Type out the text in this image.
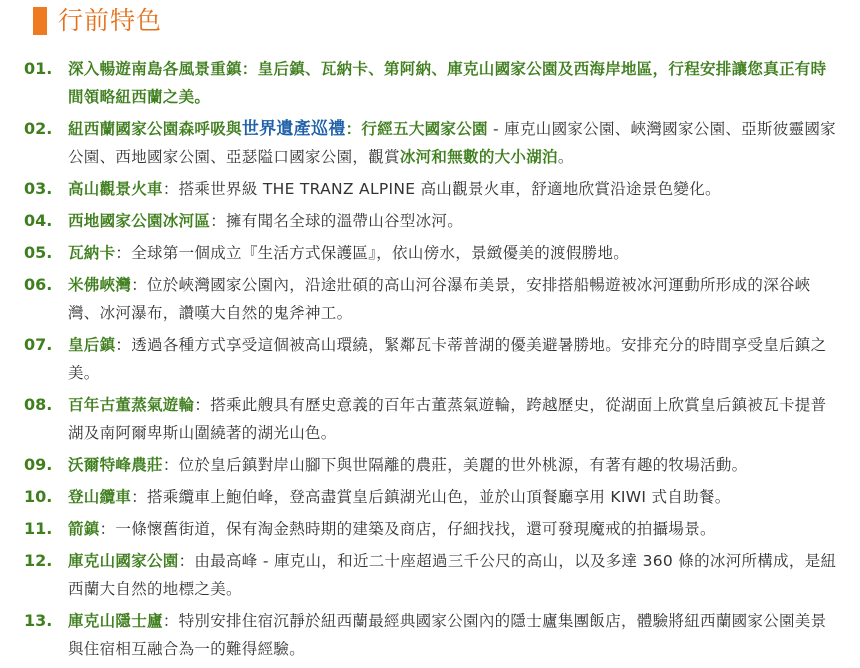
行前特色
01. 深入暢遊南島各風景重鎮：皇后鎮、瓦納卡、第阿納、庫克山國家公園及西海岸地區，行程安排讓您真正有時間領略紐西蘭之美。
02. 紐西蘭國家公園森呼吸與世界遺產巡禮：行經五大國家公園 - 庫克山國家公園、峽灣國家公園、亞斯彼靈國家公園、西地國家公園、亞瑟隘口國家公園，觀賞冰河和無數的大小湖泊。
03. 高山觀景火車：搭乘世界級 THE TRANZ ALPINE 高山觀景火車，舒適地欣賞沿途景色變化。
04. 西地國家公園冰河區：擁有聞名全球的溫帶山谷型冰河。
05. 瓦納卡：全球第一個成立『生活方式保護區』，依山傍水，景緻優美的渡假勝地。
06. 米佛峽灣：位於峽灣國家公園內，沿途壯碩的高山河谷瀑布美景，安排搭船暢遊被冰河運動所形成的深谷峽灣、冰河瀑布，讚嘆大自然的鬼斧神工。
07. 皇后鎮：透過各種方式享受這個被高山環繞，緊鄰瓦卡蒂普湖的優美避暑勝地。安排充分的時間享受皇后鎮之美。
08. 百年古董蒸氣遊輪：搭乘此艘具有歷史意義的百年古董蒸氣遊輪，跨越歷史，從湖面上欣賞皇后鎮被瓦卡提普湖及南阿爾卑斯山圍繞著的湖光山色。
09. 沃爾特峰農莊：位於皇后鎮對岸山腳下與世隔離的農莊，美麗的世外桃源，有著有趣的牧場活動。
10. 登山纜車：搭乘纜車上鮑伯峰，登高盡賞皇后鎮湖光山色，並於山頂餐廳享用 KIWI 式自助餐。
11. 箭鎮：一條懷舊街道，保有淘金熱時期的建築及商店，仔細找找，還可發現魔戒的拍攝場景。
12. 庫克山國家公園：由最高峰 - 庫克山，和近二十座超過三千公尺的高山，以及多達 360 條的冰河所構成，是紐西蘭大自然的地標之美。
13. 庫克山隱士廬：特別安排住宿沉靜於紐西蘭最經典國家公園內的隱士廬集團飯店，體驗將紐西蘭國家公園美景與住宿相互融合為一的難得經驗。
